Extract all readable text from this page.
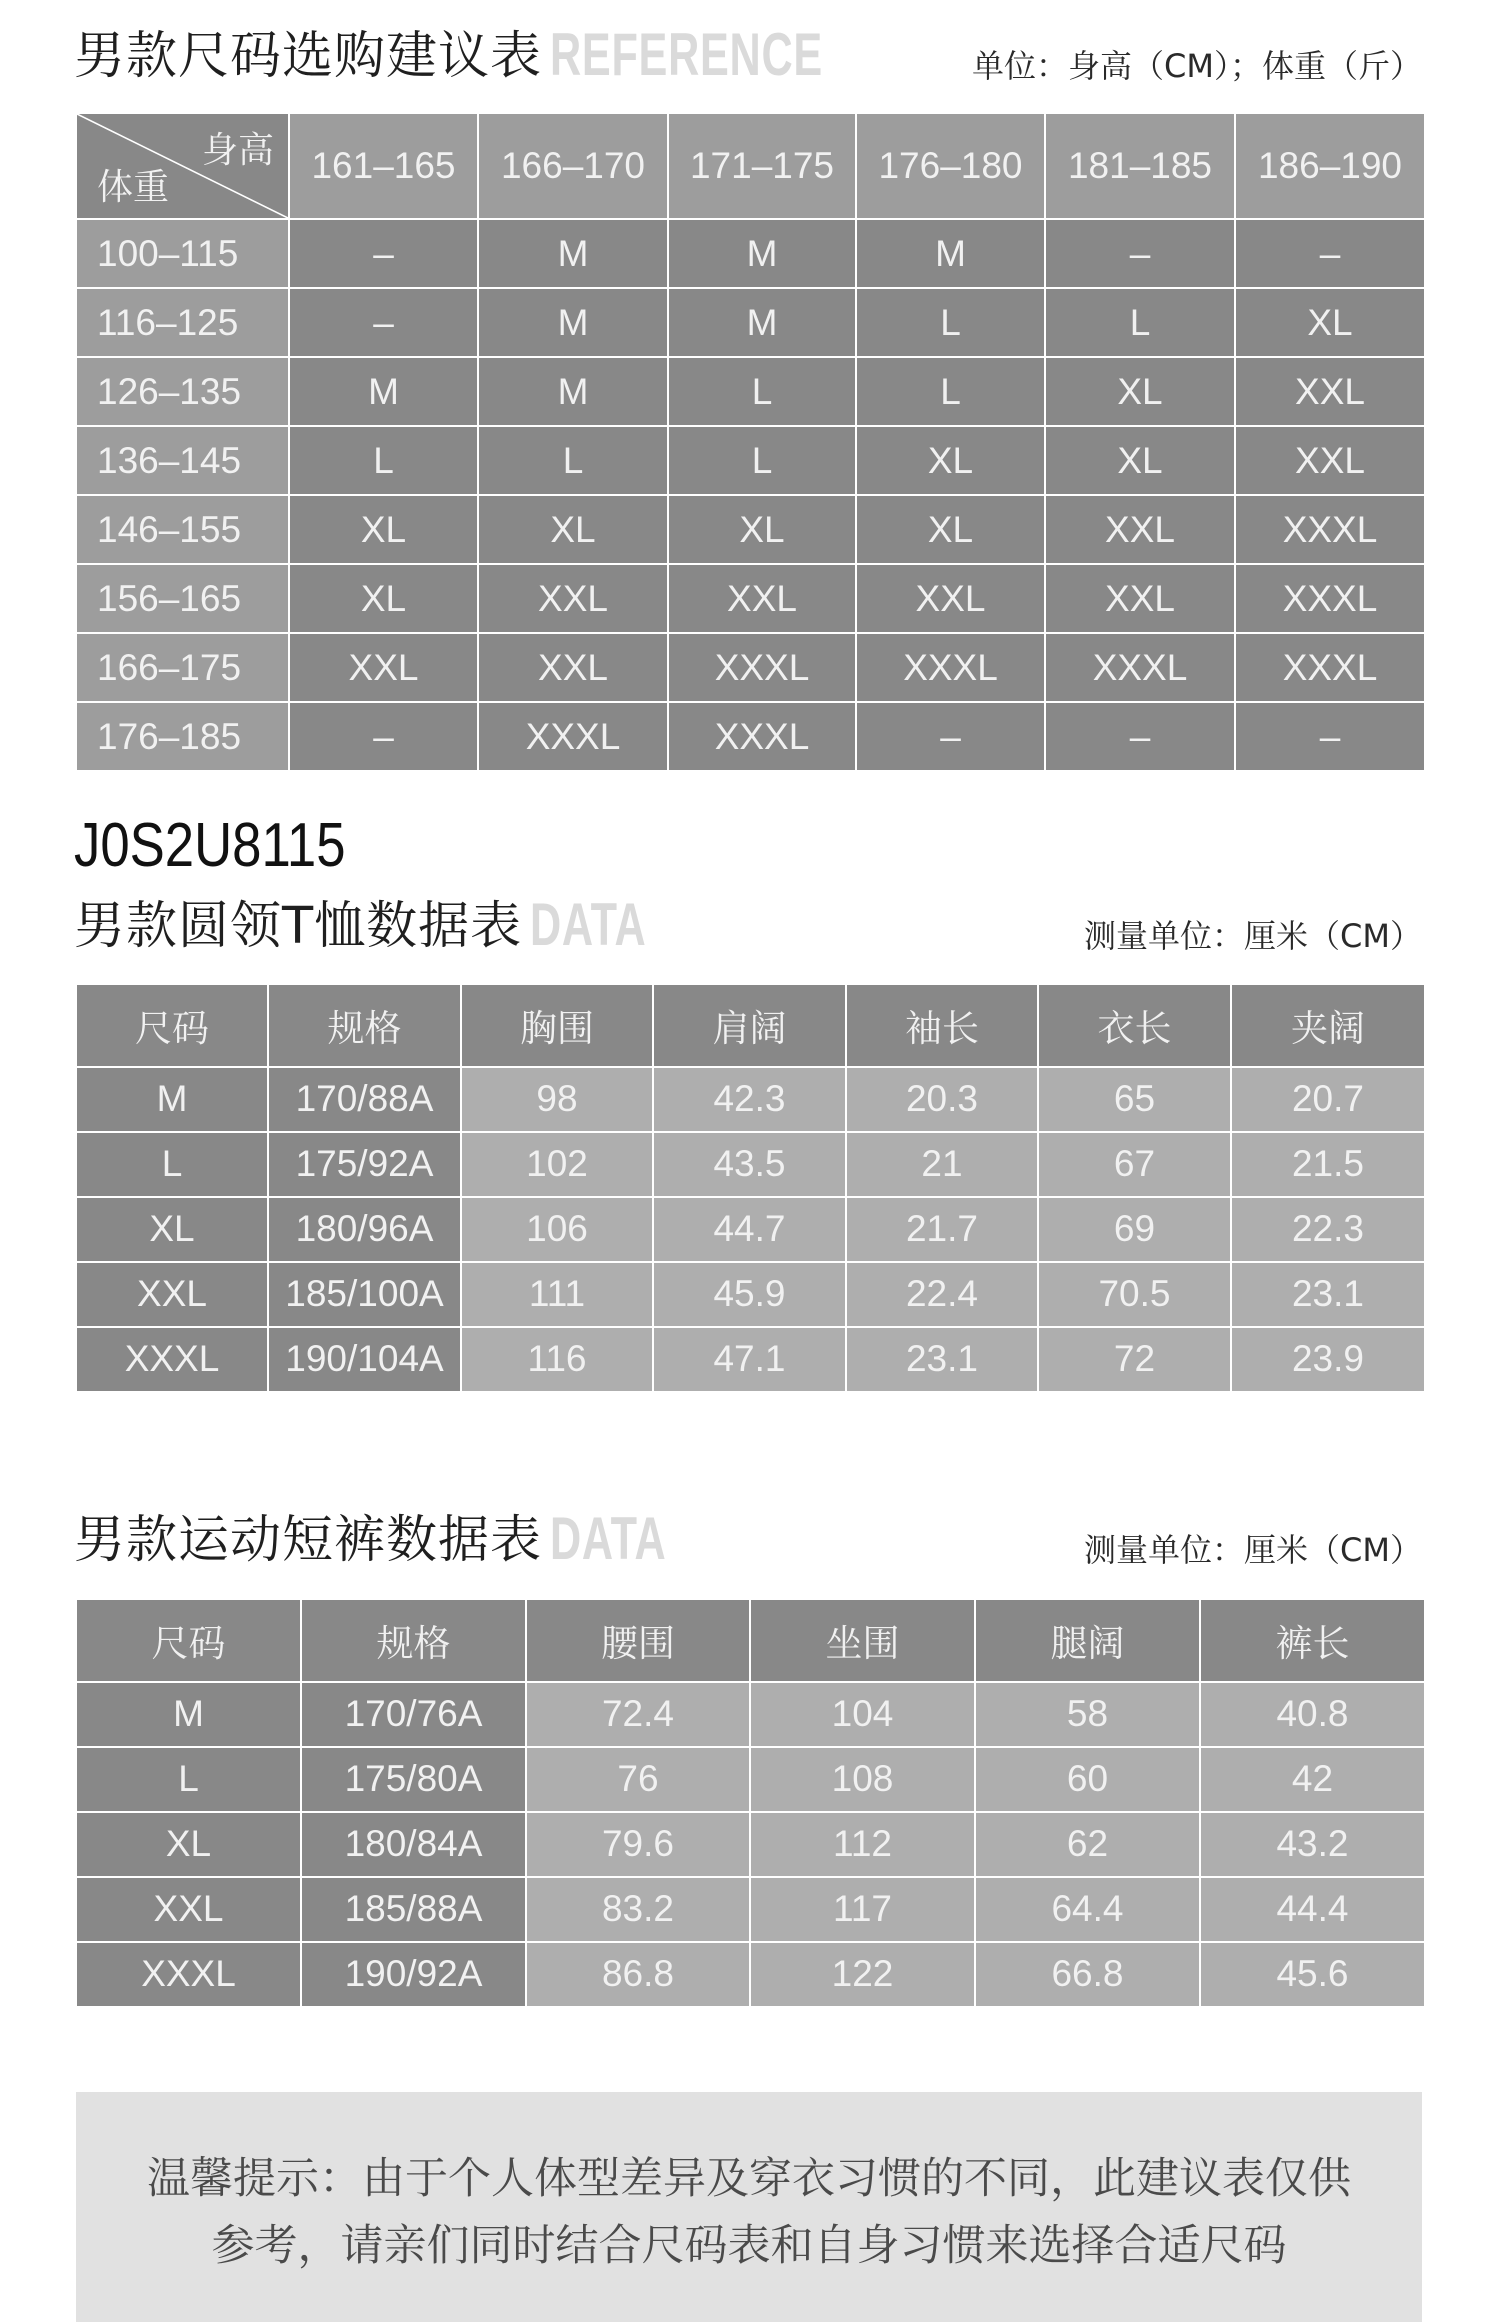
男款尺码选购建议表 REFERENCE	单位：身高（CM）；体重（斤）
身高
体重	161–165	166–170	171–175	176–180	181–185	186–190
100–115	–	M	M	M	–	–
116–125	–	M	M	L	L	XL
126–135	M	M	L	L	XL	XXL
136–145	L	L	L	XL	XL	XXL
146–155	XL	XL	XL	XL	XXL	XXXL
156–165	XL	XXL	XXL	XXL	XXL	XXXL
166–175	XXL	XXL	XXXL	XXXL	XXXL	XXXL
176–185	–	XXXL	XXXL	–	–	–
J0S2U8115
男款圆领T恤数据表 DATA	测量单位：厘米（CM）
尺码	规格	胸围	肩阔	袖长	衣长	夹阔
M	170/88A	98	42.3	20.3	65	20.7
L	175/92A	102	43.5	21	67	21.5
XL	180/96A	106	44.7	21.7	69	22.3
XXL	185/100A	111	45.9	22.4	70.5	23.1
XXXL	190/104A	116	47.1	23.1	72	23.9
男款运动短裤数据表 DATA	测量单位：厘米（CM）
尺码	规格	腰围	坐围	腿阔	裤长
M	170/76A	72.4	104	58	40.8
L	175/80A	76	108	60	42
XL	180/84A	79.6	112	62	43.2
XXL	185/88A	83.2	117	64.4	44.4
XXXL	190/92A	86.8	122	66.8	45.6
温馨提示：由于个人体型差异及穿衣习惯的不同，此建议表仅供
参考，请亲们同时结合尺码表和自身习惯来选择合适尺码
